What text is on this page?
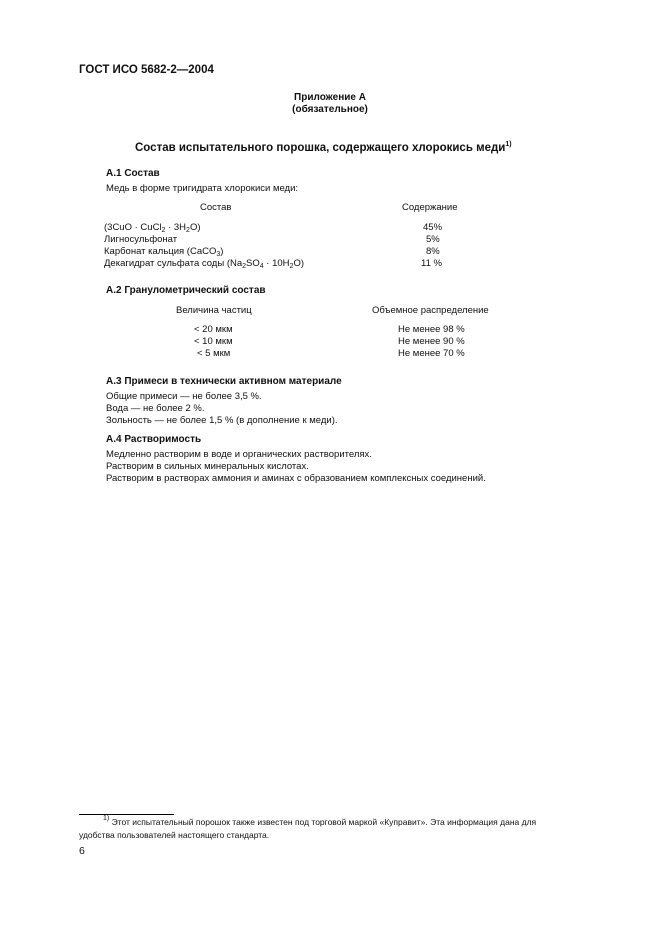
ГОСТ ИСО 5682-2—2004
Приложение А
(обязательное)
Состав испытательного порошка, содержащего хлорокись меди$^{1)}$
А.1 Состав
Медь в форме тригидрата хлорокиси меди:
Состав	Содержание
(3CuO · CuCl$_2$ · $3H_2O$)	45%
Лигносульфонат	5%
Карбонат кальция (CaCO$_3$)	8%
Декагидрат сульфата соды $(Na_2SO_4 \cdot 10H_2O)$	11 %
А.2 Гранулометрический состав
Величина частиц	Объемное распределение
< 20 мкм	Не менее 98 %
< 10 мкм	Не менее 90 %
< 5 мкм	Не менее 70 %
А.3 Примеси в технически активном материале
Общие примеси — не более 3,5 %.
Вода — не более 2 %.
Зольность — не более 1,5 % (в дополнение к меди).
А.4 Растворимость
Медленно растворим в воде и органических растворителях.
Растворим в сильных минеральных кислотах.
Растворим в растворах аммония и аминах с образованием комплексных соединений.
$^{1)}$ Этот испытательный порошок также известен под торговой маркой «Куправит». Эта информация дана для
удобства пользователей настоящего стандарта.
6
